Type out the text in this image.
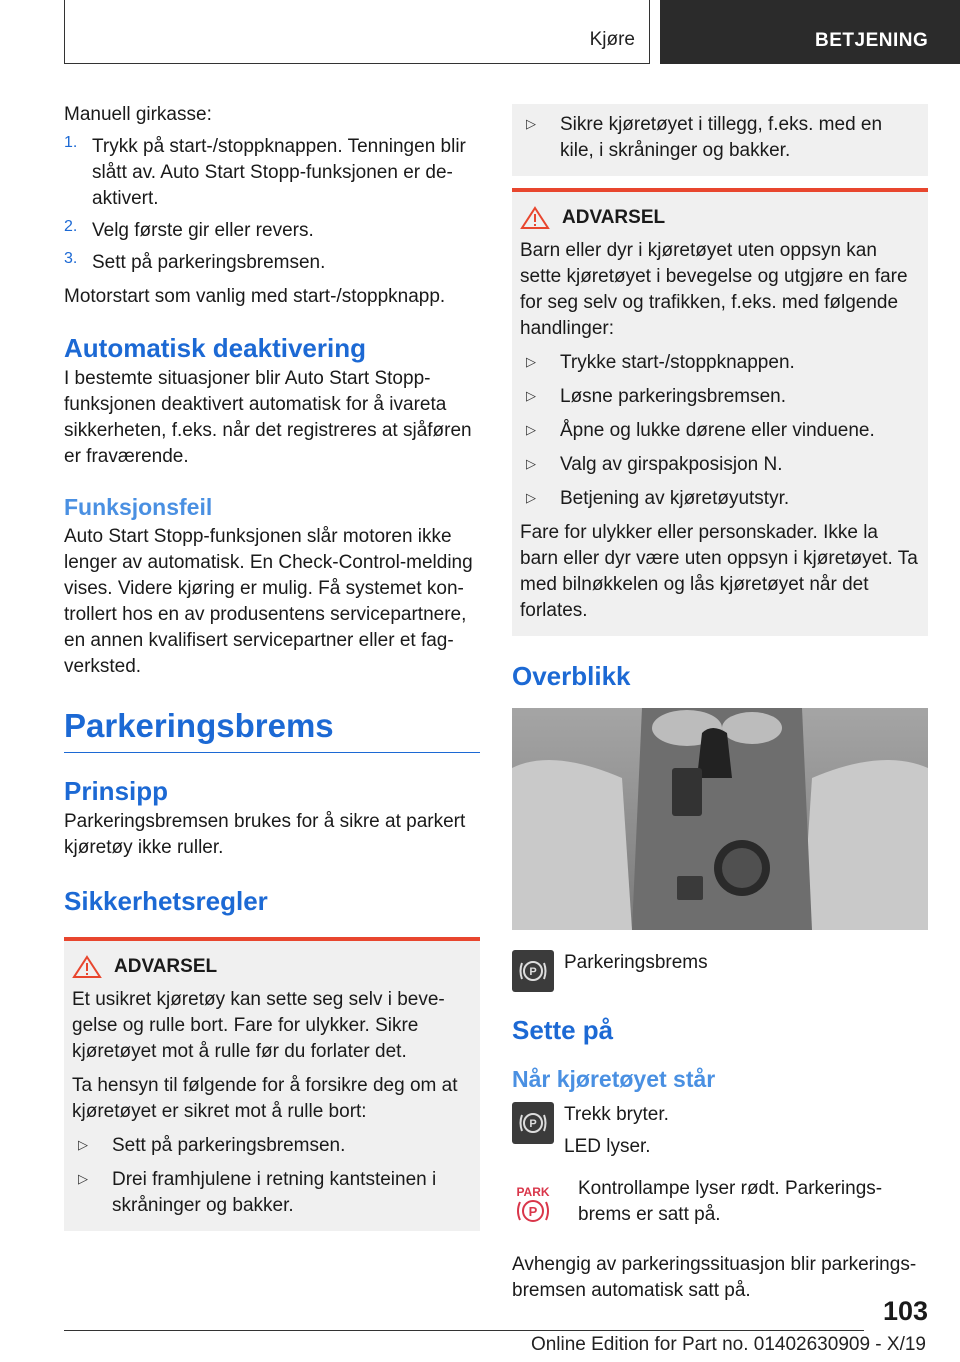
Kjøre	BETJENING

Manuell girkasse:

1. Trykk på start-/stoppknappen. Tenningen blir slått av. Auto Start Stopp-funksjonen er deaktivert.

2. Velg første gir eller revers.

3. Sett på parkeringsbremsen.

Motorstart som vanlig med start-/stoppknapp.

Automatisk deaktivering

I bestemte situasjoner blir Auto Start Stopp-funksjonen deaktivert automatisk for å ivareta sikkerheten, f.eks. når det registreres at sjåføren er fraværende.

Funksjonsfeil

Auto Start Stopp-funksjonen slår motoren ikke lenger av automatisk. En Check-Control-melding vises. Videre kjøring er mulig. Få systemet kontrollert hos en av produsentens servicepartnere, en annen kvalifisert servicepartner eller et fagverksted.

Parkeringsbrems
Prinsipp

Parkeringsbremsen brukes for å sikre at parkert kjøretøy ikke ruller.

Sikkerhetsregler
ADVARSEL

Et usikret kjøretøy kan sette seg selv i bevegelse og rulle bort. Fare for ulykker. Sikre kjøretøyet mot å rulle før du forlater det.

Ta hensyn til følgende for å forsikre deg om at kjøretøyet er sikret mot å rulle bort:

▷	Sett på parkeringsbremsen.

▷	Drei framhjulene i retning kantsteinen i skråninger og bakker.

▷	Sikre kjøretøyet i tillegg, f.eks. med en kile, i skråninger og bakker.

ADVARSEL

Barn eller dyr i kjøretøyet uten oppsyn kan sette kjøretøyet i bevegelse og utgjøre en fare for seg selv og trafikken, f.eks. med følgende handlinger:

▷	Trykke start-/stoppknappen.

▷	Løsne parkeringsbremsen.

▷	Åpne og lukke dørene eller vinduene.

▷	Valg av girspakposisjon N.

▷	Betjening av kjøretøyutstyr.

Fare for ulykker eller personskader. Ikke la barn eller dyr være uten oppsyn i kjøretøyet. Ta med bilnøkkelen og lås kjøretøyet når det forlates.

Overblikk
P Parkeringsbrems

Sette på
Når kjøretøyet står
P Trekk bryter.

LED lyser.

PARK
P

Kontrollampe lyser rødt. Parkeringsbrems er satt på.

Avhengig av parkeringssituasjon blir parkeringsbremsen automatisk satt på.

103
Online Edition for Part no. 01402630909 - X/19
